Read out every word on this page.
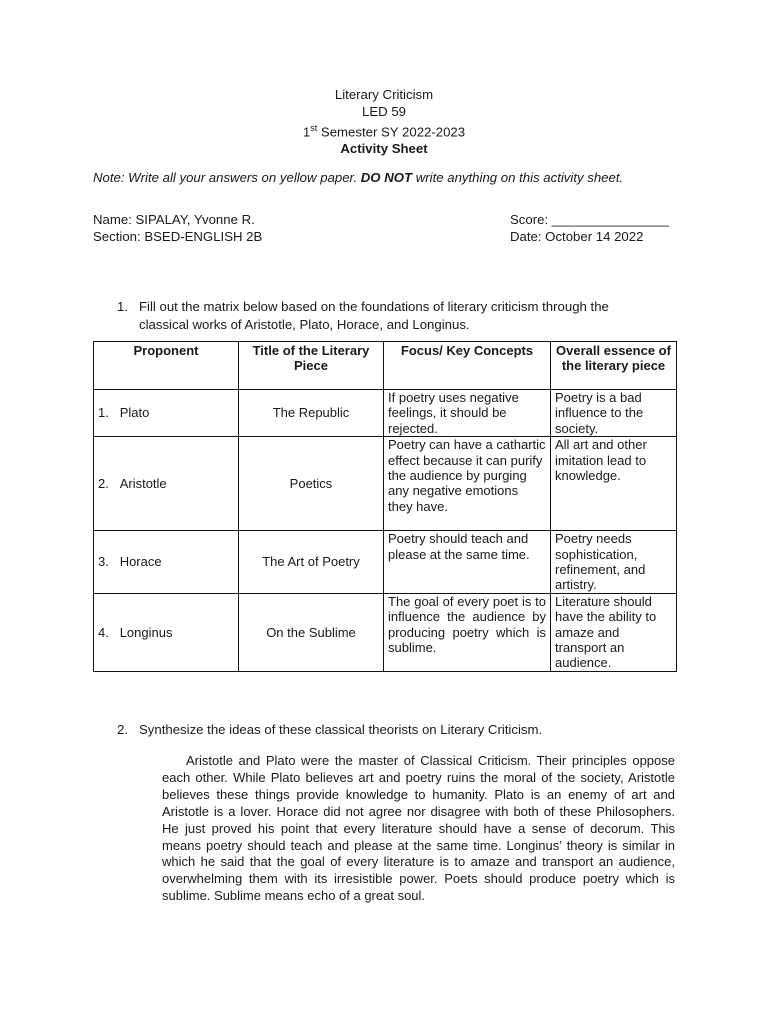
Literary Criticism
LED 59
1st Semester SY 2022-2023
Activity Sheet
Note: Write all your answers on yellow paper. DO NOT write anything on this activity sheet.
Name: SIPALAY, Yvonne R.
Section: BSED-ENGLISH 2B
Score: ________________
Date: October 14 2022
1. Fill out the matrix below based on the foundations of literary criticism through the
classical works of Aristotle, Plato, Horace, and Longinus.
Proponent	Title of the Literary Piece	Focus/ Key Concepts	Overall essence of the literary piece
1. Plato	The Republic	If poetry uses negative feelings, it should be rejected.	Poetry is a bad influence to the society.
2. Aristotle	Poetics	Poetry can have a cathartic effect because it can purify the audience by purging any negative emotions they have.	All art and other imitation lead to knowledge.
3. Horace	The Art of Poetry	Poetry should teach and please at the same time.	Poetry needs sophistication, refinement, and artistry.
4. Longinus	On the Sublime	The goal of every poet is to influence the audience by producing poetry which is sublime.	Literature should have the ability to amaze and transport an audience.
2. Synthesize the ideas of these classical theorists on Literary Criticism.
Aristotle and Plato were the master of Classical Criticism. Their principles oppose each other. While Plato believes art and poetry ruins the moral of the society, Aristotle believes these things provide knowledge to humanity. Plato is an enemy of art and Aristotle is a lover. Horace did not agree nor disagree with both of these Philosophers. He just proved his point that every literature should have a sense of decorum. This means poetry should teach and please at the same time. Longinus’ theory is similar in which he said that the goal of every literature is to amaze and transport an audience, overwhelming them with its irresistible power. Poets should produce poetry which is sublime. Sublime means echo of a great soul.
